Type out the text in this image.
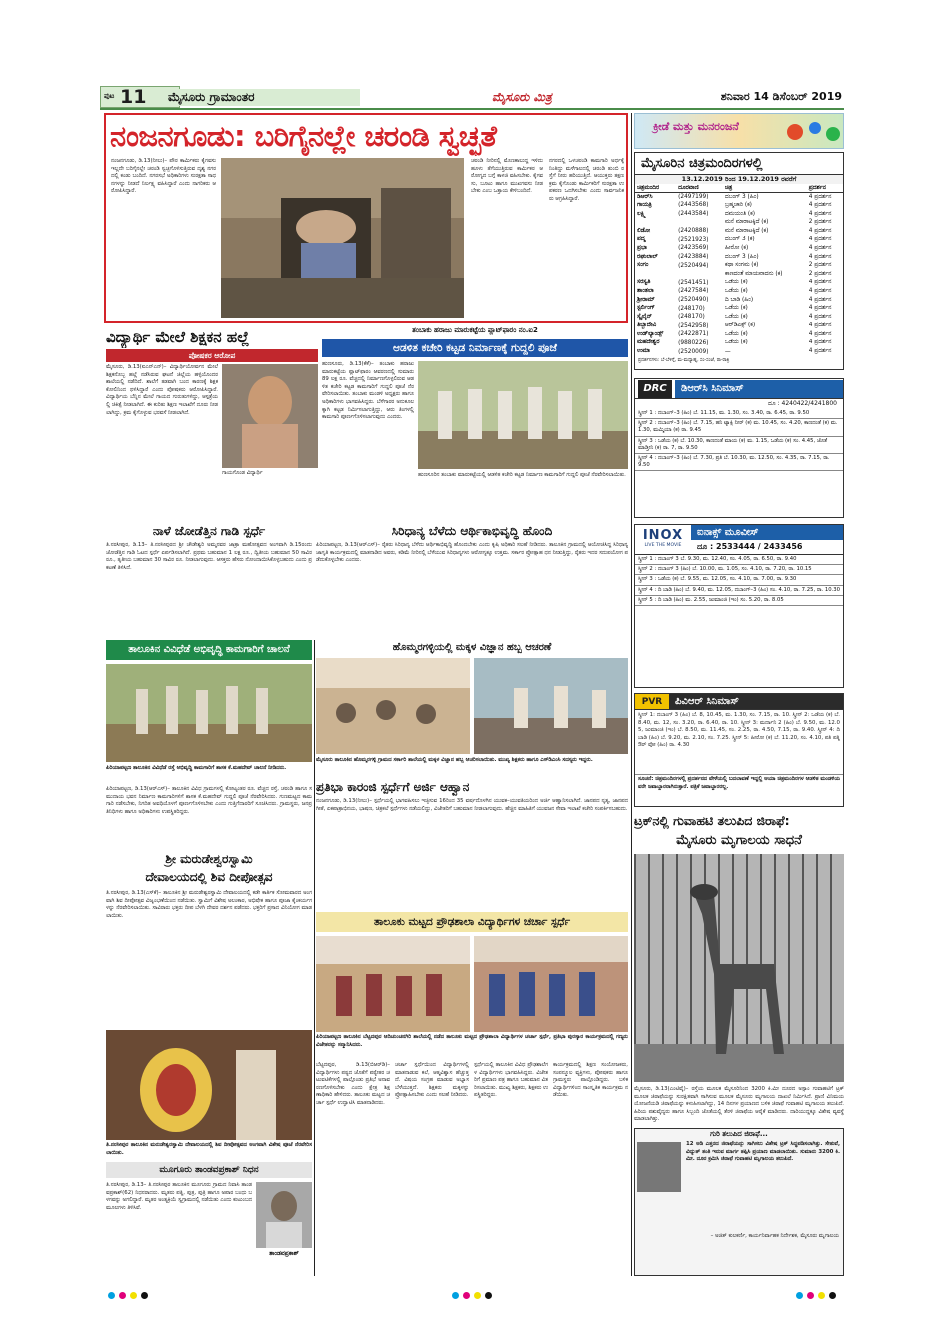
ಪುಟ 11	ಮೈಸೂರು ಗ್ರಾಮಾಂತರ	ಮೈಸೂರು ಮಿತ್ರ	ಶನಿವಾರ 14 ಡಿಸೆಂಬರ್ 2019
ನಂಜನಗೂಡು: ಬರಿಗೈನಲ್ಲೇ ಚರಂಡಿ ಸ್ವಚ್ಛತೆ
ನಂಜನಗೂಡು, ಡಿ.13(ನೀಲು)– ಪೌರ ಕಾರ್ಮಿಕರು ಕೈಗವಸು ಇಲ್ಲದೇ ಬರಿಗೈನಲ್ಲೇ ಚರಂಡಿ ಸ್ವಚ್ಛಗೊಳಿಸುತ್ತಿರುವ ದೃಶ್ಯ ನಗರದಲ್ಲಿ ಕಂಡು ಬಂದಿದೆ. ನಗರಸಭೆ ಅಧಿಕಾರಿಗಳು ಸುರಕ್ಷತಾ ಸಾಧನಗಳನ್ನು ನೀಡದೆ ನಿರ್ಲಕ್ಷ್ಯ ವಹಿಸಿದ್ದಾರೆ ಎಂದು ನಾಗರಿಕರು ಆರೋಪಿಸಿದ್ದಾರೆ.
ಚರಂಡಿ ನೀರಿನಲ್ಲಿ ಮೊಣಕಾಲುದ್ದ ಇಳಿದು ಹೂಳು ತೆಗೆಯುತ್ತಿರುವ ಕಾರ್ಮಿಕರ ಆರೋಗ್ಯದ ಬಗ್ಗೆ ಕಾಳಜಿ ವಹಿಸಬೇಕು. ಕೈಗವಸು, ಬೂಟು ಹಾಗೂ ಮುಖಗವಸು ನೀಡಬೇಕು ಎಂಬ ಒತ್ತಾಯ ಕೇಳಿಬಂದಿದೆ.
ನಗರದಲ್ಲಿ ಒಳಚರಂಡಿ ಕಾಮಗಾರಿ ಅರ್ಧಕ್ಕೆ ನಿಂತಿದ್ದು ಮಳೆಗಾಲದಲ್ಲಿ ಚರಂಡಿ ತುಂಬಿ ರಸ್ತೆಗೆ ನೀರು ಹರಿಯುತ್ತಿದೆ. ಆಯುಕ್ತರು ತಕ್ಷಣ ಕ್ರಮ ಕೈಗೊಂಡು ಕಾರ್ಮಿಕರಿಗೆ ಸುರಕ್ಷತಾ ಉಪಕರಣ ಒದಗಿಸಬೇಕು ಎಂದು ಸಾರ್ವಜನಿಕರು ಆಗ್ರಹಿಸಿದ್ದಾರೆ.
ಕ್ರೀಡೆ ಮತ್ತು ಮನರಂಜನೆ
ಮೈಸೂರಿನ ಚಿತ್ರಮಂದಿರಗಳಲ್ಲಿ
13.12.2019 ರಿಂದ 19.12.2019 ರವರೆಗೆ
ಚಿತ್ರಮಂದಿರ	ದೂರವಾಣಿ	ಚಿತ್ರ	ಪ್ರದರ್ಶನ
ಡಿಆರ್‌ಸಿ	(2497199)	ದಬಂಗ್ 3 (ಹಿಂ)	4 ಪ್ರದರ್ಶನ
ಗಾಯತ್ರಿ	(2443568)	ಬ್ರಹ್ಮಚಾರಿ (ಕ)	4 ಪ್ರದರ್ಶನ
ಲಕ್ಷ್ಮಿ	(2443584)	ದಮಯಂತಿ (ಕ)	4 ಪ್ರದರ್ಶನ
		ಮನೆ ಮಾರಾಟಕ್ಕಿದೆ (ಕ)	2 ಪ್ರದರ್ಶನ
ಲಿಡೋ	(2420888)	ಮನೆ ಮಾರಾಟಕ್ಕಿದೆ (ಕ)	4 ಪ್ರದರ್ಶನ
ಪದ್ಮ	(2521923)	ದಬಂಗ್ 3 (ಕ)	4 ಪ್ರದರ್ಶನ
ಪ್ರಭಾ	(2423569)	ಹೀರೋ (ಕ)	4 ಪ್ರದರ್ಶನ
ರಘುಲಾಲ್	(2423884)	ದಬಂಗ್ 3 (ಹಿಂ)	4 ಪ್ರದರ್ಶನ
ಸಂಗಂ	(2520494)	ಕಥಾ ಸಂಗಮ (ಕ)	2 ಪ್ರದರ್ಶನ
		ಕಾಣದಂತೆ ಮಾಯವಾದನು (ಕ)	2 ಪ್ರದರ್ಶನ
ಸರಸ್ವತಿ	(2541451)	ಒಡೆಯ (ಕ)	4 ಪ್ರದರ್ಶನ
ಶಾಂತಲಾ	(2427584)	ಒಡೆಯ (ಕ)	4 ಪ್ರದರ್ಶನ
ಶ್ರೀರಾಮ್	(2520490)	ದಿ ಬಾಡಿ (ಹಿಂ)	4 ಪ್ರದರ್ಶನ
ಸ್ಟರ್ಲಿಂಗ್	(248170)	ಒಡೆಯ (ಕ)	4 ಪ್ರದರ್ಶನ
ಸ್ಕೈಲೈನ್	(248170)	ಒಡೆಯ (ಕ)	4 ಪ್ರದರ್ಶನ
ತಿಬ್ಬಾದೇವಿ	(2542958)	ಆರ್‌ಡಿಎಕ್ಸ್ (ಕ)	4 ಪ್ರದರ್ಶನ
ಉಡ್‌ಲ್ಯಾಂಡ್ಸ್	(2422871)	ಒಡೆಯ (ಕ)	4 ಪ್ರದರ್ಶನ
ಮಹದೇಶ್ವರ	(9880226)	ಒಡೆಯ (ಕ)	4 ಪ್ರದರ್ಶನ
ಉಮಾ	(2520009)	—	4 ಪ್ರದರ್ಶನ
ಪ್ರದರ್ಶನಗಳು: ಬೆ-ಬೆಳಿಗ್ಗೆ, ಮ-ಮಧ್ಯಾಹ್ನ, ಸಂ-ಸಂಜೆ, ರಾ-ರಾತ್ರಿ
DRC	ಡಿಆರ್‌ಸಿ ಸಿನಿಮಾಸ್
ದೂ : 4240422/4241800
ಸ್ಕ್ರೀನ್ 1 : ದಬಾಂಗ್–3 (ಹಿಂ) ಬೆ. 11.15, ಮ. 1.30, ಸಂ. 3.40, ರಾ. 6.45, ರಾ. 9.50
ಸ್ಕ್ರೀನ್ 2 : ದಬಾಂಗ್–3 (ಹಿಂ) ಬೆ. 7.15, ಹನಿ ಟ್ಯಾಕ್ಸಿ ನೀರ್ (ಕ) ಮ. 10.45, ಸಂ. 4.20, ಕಾಣದಂತೆ (ಕ) ಮ. 1.30, ಮಮ್ಮಿಯಾ (ಕ) ರಾ. 9.45
ಸ್ಕ್ರೀನ್ 3 : ಒಡೆಯ (ಕ) ಬೆ. 10.30, ಕಾಣದಂತೆ ಮಾಯ (ಕ) ಮ. 1.15, ಒಡೆಯ (ಕ) ಸಂ. 4.45, ಜೊತೆ ಮಾಡ್ತೀನಿ (ಕ) ರಾ. 7, ರಾ. 9.50
ಸ್ಕ್ರೀನ್ 4 : ದಬಾಂಗ್–3 (ಹಿಂ) ಬೆ. 7.30, ಪ್ರತಿ ಬೆ. 10.30, ಮ. 12.50, ಸಂ. 4.35, ರಾ. 7.15, ರಾ. 9.50
INOX
LIVE THE MOVIE
ಐನಾಕ್ಸ್ ಮೂವೀಸ್
ದೂ : 2533444 / 2433456
ಸ್ಕ್ರೀನ್ 1 : ದಬಾಂಗ್ 3 ಬೆ. 9.30, ಮ. 12.40, ಸಂ. 4.05, ರಾ. 6.50, ರಾ. 9.40
ಸ್ಕ್ರೀನ್ 2 : ದಬಾಂಗ್ 3 (ಹಿಂ) ಬೆ. 10.00, ಮ. 1.05, ಸಂ. 4.10, ರಾ. 7.20, ರಾ. 10.15
ಸ್ಕ್ರೀನ್ 3 : ಒಡೆಯ (ಕ) ಬೆ. 9.55, ಮ. 12.05, ಸಂ. 4.10, ರಾ. 7.00, ರಾ. 9.30
ಸ್ಕ್ರೀನ್ 4 : ದಿ ಬಾಡಿ (ಹಿಂ) ಬೆ. 9.40, ಮ. 12.05, ದಬಾಂಗ್–3 (ಹಿಂ) ಸಂ. 4.10, ರಾ. 7.25, ರಾ. 10.30
ಸ್ಕ್ರೀನ್ 5 : ದಿ ಬಾಡಿ (ಹಿಂ) ಮ. 2.55, ಜುಮಾಂಜಿ (ಇಂ) ಸಂ. 5.20, ರಾ. 8.05
PVR	ಪಿವಿಆರ್ ಸಿನಿಮಾಸ್
ಸ್ಕ್ರೀನ್ 1: ದಬಾಂಗ್ 3 (ಹಿಂ) ಬೆ. 8, 10.45, ಮ. 1.30, ಸಂ. 7.15, ರಾ. 10. ಸ್ಕ್ರೀನ್ 2: ಒಡೆಯ (ಕ) ಬೆ. 8.40, ಮ. 12, ಸಂ. 3.20, ರಾ. 6.40, ರಾ. 10. ಸ್ಕ್ರೀನ್ 3: ಮರ್ದಾನಿ 2 (ಹಿಂ) ಬೆ. 9.50, ಮ. 12.05, ಜುಮಾಂಜಿ (ಇಂ) ಬೆ. 8.50, ಮ. 11.45, ಸಂ. 2.25, ರಾ. 4.50, 7.15, ರಾ. 9.40. ಸ್ಕ್ರೀನ್ 4: ದಿ ಬಾಡಿ (ಹಿಂ) ಬೆ. 9.20, ಮ. 2.10, ಸಂ. 7.25. ಸ್ಕ್ರೀನ್ 5: ಹೀರೋ (ಕ) ಬೆ. 11.20, ಸಂ. 4.10, ಪತಿ ಪತ್ನಿ ಔರ್ ವೋ (ಹಿಂ) ರಾ. 4.30
ಸೂಚನೆ: ಚಿತ್ರಮಂದಿರಗಳಲ್ಲಿ ಪ್ರದರ್ಶನದ ವೇಳೆಯಲ್ಲಿ ಬದಲಾವಣೆ ಇದ್ದಲ್ಲಿ ಆಯಾ ಚಿತ್ರಮಂದಿರಗಳ ಆಡಳಿತ ಮಂಡಳಿಯವರೇ ಜವಾಬ್ದಾರರಾಗಿರುತ್ತಾರೆ. ಪತ್ರಿಕೆ ಜವಾಬ್ದಾರರಲ್ಲ.
ಟ್ರಕ್‌ನಲ್ಲಿ ಗುವಾಹಟಿ ತಲುಪಿದ ಜಿರಾಫೆ:
ಮೈಸೂರು ಮೃಗಾಲಯ ಸಾಧನೆ
ಮೈಸೂರು, ಡಿ.13(ಎಂಟಿವೈ)– ರಸ್ತೆಯ ಮೂಲಕ ಮೈಸೂರಿನಿಂದ 3200 ಕಿ.ಮೀ ದೂರದ ಅಸ್ಸಾಂ ಗುವಾಹಟಿಗೆ ಟ್ರಕ್ ಮೂಲಕ ಜಿರಾಫೆಯನ್ನು ಸುರಕ್ಷಿತವಾಗಿ ಸಾಗಿಸುವ ಮೂಲಕ ಮೈಸೂರು ಮೃಗಾಲಯ ದಾಖಲೆ ನಿರ್ಮಿಸಿದೆ. ಪ್ರಾಣಿ ವಿನಿಮಯ ಯೋಜನೆಯಡಿ ಜಿರಾಫೆಯನ್ನು ಕಳುಹಿಸಲಾಗಿದ್ದು, 14 ದಿನಗಳ ಪ್ರಯಾಣದ ಬಳಿಕ ಜಿರಾಫೆ ಗುವಾಹಟಿ ಮೃಗಾಲಯ ತಲುಪಿದೆ. ಹಿರಿಯ ಪಶುವೈದ್ಯರು ಹಾಗೂ ಸಿಬ್ಬಂದಿ ಜೊತೆಯಲ್ಲಿ ತೆರಳಿ ಜಿರಾಫೆಯ ಆರೈಕೆ ಮಾಡಿದರು. ದಾರಿಯುದ್ದಕ್ಕೂ ವಿಶೇಷ ವ್ಯವಸ್ಥೆ ಮಾಡಲಾಗಿತ್ತು.
ಗುರಿ ತಲುಪಿದ ಜಿರಾಫೆ...
12 ಅಡಿ ಎತ್ತರದ ಜಿರಾಫೆಯನ್ನು ಸಾಗಿಸಲು ವಿಶೇಷ ಟ್ರಕ್ ಸಿದ್ಧಪಡಿಸಲಾಗಿತ್ತು. ಸೇತುವೆ, ವಿದ್ಯುತ್ ತಂತಿ ಇರುವ ಮಾರ್ಗ ತಪ್ಪಿಸಿ ಪ್ರಯಾಣ ಮಾಡಲಾಯಿತು. ಸುಮಾರು 3200 ಕಿ.ಮೀ. ದೂರ ಕ್ರಮಿಸಿ ಜಿರಾಫೆ ಗುವಾಹಟಿ ಮೃಗಾಲಯ ತಲುಪಿದೆ.
– ಅಜಿತ್ ಕುಲಕರ್ಣಿ, ಕಾರ್ಯನಿರ್ವಾಹಕ ನಿರ್ದೇಶಕ, ಮೈಸೂರು ಮೃಗಾಲಯ
ವಿದ್ಯಾರ್ಥಿ ಮೇಲೆ ಶಿಕ್ಷಕನ ಹಲ್ಲೆ
ಪೋಷಕರ ಆರೋಪ
ಮೈಸೂರು, ಡಿ.13(ಐಎನ್‌ಎನ್)– ವಿದ್ಯಾರ್ಥಿಯೋರ್ವನ ಮೇಲೆ ಶಿಕ್ಷಕನೊಬ್ಬ ಹಲ್ಲೆ ನಡೆಸಿರುವ ಘಟನೆ ಜಿಲ್ಲೆಯ ಹಳ್ಳಿಯೊಂದರ ಶಾಲೆಯಲ್ಲಿ ನಡೆದಿದೆ. ಶಾಲೆಗೆ ತಡವಾಗಿ ಬಂದ ಕಾರಣಕ್ಕೆ ಶಿಕ್ಷಕ ಕೋಲಿನಿಂದ ಥಳಿಸಿದ್ದಾರೆ ಎಂದು ಪೋಷಕರು ಆರೋಪಿಸಿದ್ದಾರೆ. ವಿದ್ಯಾರ್ಥಿಯ ಬೆನ್ನಿನ ಮೇಲೆ ಗಾಯದ ಗುರುತುಗಳಿದ್ದು, ಆಸ್ಪತ್ರೆಯಲ್ಲಿ ಚಿಕಿತ್ಸೆ ನೀಡಲಾಗಿದೆ. ಈ ಕುರಿತು ಶಿಕ್ಷಣ ಇಲಾಖೆಗೆ ದೂರು ನೀಡಲಾಗಿದ್ದು, ಕ್ರಮ ಕೈಗೊಳ್ಳುವ ಭರವಸೆ ನೀಡಲಾಗಿದೆ.
ಗಾಯಗೊಂಡ ವಿದ್ಯಾರ್ಥಿ
ತಂಬಾಕು ಹರಾಜು ಮಾರುಕಟ್ಟೆಯ ಪ್ಲಾಟ್‌ಫಾರಂ ನಂ.ಐ2
ಆಡಳಿತ ಕಚೇರಿ ಕಟ್ಟಡ ನಿರ್ಮಾಣಕ್ಕೆ ಗುದ್ದಲಿ ಪೂಜೆ
ಹುಣಸೂರು, ಡಿ.13(ಕೆಕೆ)– ತಂಬಾಕು ಹರಾಜು ಮಾರುಕಟ್ಟೆಯ ಪ್ಲಾಟ್‌ಫಾರಂ ಆವರಣದಲ್ಲಿ ಸುಮಾರು 89 ಲಕ್ಷ ರೂ. ವೆಚ್ಚದಲ್ಲಿ ನಿರ್ಮಾಣಗೊಳ್ಳಲಿರುವ ಆಡಳಿತ ಕಚೇರಿ ಕಟ್ಟಡ ಕಾಮಗಾರಿಗೆ ಗುದ್ದಲಿ ಪೂಜೆ ನೆರವೇರಿಸಲಾಯಿತು. ತಂಬಾಕು ಮಂಡಳಿ ಅಧ್ಯಕ್ಷರು ಹಾಗೂ ಅಧಿಕಾರಿಗಳು ಭಾಗವಹಿಸಿದ್ದರು. ಬೆಳೆಗಾರರ ಅನುಕೂಲಕ್ಕಾಗಿ ಕಟ್ಟಡ ನಿರ್ಮಿಸಲಾಗುತ್ತಿದ್ದು, ಆರು ತಿಂಗಳಲ್ಲಿ ಕಾಮಗಾರಿ ಪೂರ್ಣಗೊಳಿಸಲಾಗುವುದು ಎಂದರು.
ಹುಣಸೂರಿನ ತಂಬಾಕು ಮಾರುಕಟ್ಟೆಯಲ್ಲಿ ಆಡಳಿತ ಕಚೇರಿ ಕಟ್ಟಡ ನಿರ್ಮಾಣ ಕಾಮಗಾರಿಗೆ ಗುದ್ದಲಿ ಪೂಜೆ ನೆರವೇರಿಸಲಾಯಿತು.
ನಾಳೆ ಜೋಡೆತ್ತಿನ ಗಾಡಿ ಸ್ಪರ್ಧೆ
ತಿ.ನರಸೀಪುರ, ಡಿ.13– ತಿ.ನರಸೀಪುರದ ಶ್ರೀ ಚೌಡೇಶ್ವರಿ ಅಮ್ಮನವರ ಜಾತ್ರಾ ಮಹೋತ್ಸವದ ಅಂಗವಾಗಿ ಡಿ.15ರಂದು ಜೋಡೆತ್ತಿನ ಗಾಡಿ ಓಟದ ಸ್ಪರ್ಧೆ ಏರ್ಪಡಿಸಲಾಗಿದೆ. ಪ್ರಥಮ ಬಹುಮಾನ 1 ಲಕ್ಷ ರೂ., ದ್ವಿತೀಯ ಬಹುಮಾನ 50 ಸಾವಿರ ರೂ., ತೃತೀಯ ಬಹುಮಾನ 30 ಸಾವಿರ ರೂ. ನೀಡಲಾಗುವುದು. ಆಸಕ್ತರು ಹೆಸರು ನೋಂದಾಯಿಸಿಕೊಳ್ಳಬಹುದು ಎಂದು ಪ್ರಕಟಣೆ ತಿಳಿಸಿದೆ.
ಸಿರಿಧಾನ್ಯ ಬೆಳೆದು ಆರ್ಥಿಕಾಭಿವೃದ್ಧಿ ಹೊಂದಿ
ಪಿರಿಯಾಪಟ್ಟಣ, ಡಿ.13(ಆರ್‌ಎಸ್)– ರೈತರು ಸಿರಿಧಾನ್ಯ ಬೆಳೆದು ಆರ್ಥಿಕಾಭಿವೃದ್ಧಿ ಹೊಂದಬೇಕು ಎಂದು ಕೃಷಿ ಅಧಿಕಾರಿ ಸಲಹೆ ನೀಡಿದರು. ತಾಲೂಕಿನ ಗ್ರಾಮದಲ್ಲಿ ಆಯೋಜಿಸಿದ್ದ ಸಿರಿಧಾನ್ಯ ಜಾಗೃತಿ ಕಾರ್ಯಕ್ರಮದಲ್ಲಿ ಮಾತನಾಡಿದ ಅವರು, ಕಡಿಮೆ ನೀರಿನಲ್ಲಿ ಬೆಳೆಯುವ ಸಿರಿಧಾನ್ಯಗಳು ಆರೋಗ್ಯಕ್ಕೂ ಉತ್ತಮ. ಸರ್ಕಾರ ಪ್ರೋತ್ಸಾಹ ಧನ ನೀಡುತ್ತಿದ್ದು, ರೈತರು ಇದರ ಸದುಪಯೋಗ ಪಡೆದುಕೊಳ್ಳಬೇಕು ಎಂದರು.
ತಾಲೂಕಿನ ವಿವಿಧೆಡೆ ಅಭಿವೃದ್ಧಿ ಕಾಮಗಾರಿಗೆ ಚಾಲನೆ
ಪಿರಿಯಾಪಟ್ಟಣ ತಾಲೂಕಿನ ವಿವಿಧೆಡೆ ರಸ್ತೆ ಅಭಿವೃದ್ಧಿ ಕಾಮಗಾರಿಗೆ ಶಾಸಕ ಕೆ.ಮಹದೇವ್ ಚಾಲನೆ ನೀಡಿದರು.
ಪಿರಿಯಾಪಟ್ಟಣ, ಡಿ.13(ಆರ್‌ಎಸ್)– ತಾಲೂಕಿನ ವಿವಿಧ ಗ್ರಾಮಗಳಲ್ಲಿ ಕೋಟ್ಯಂತರ ರೂ. ವೆಚ್ಚದ ರಸ್ತೆ, ಚರಂಡಿ ಹಾಗೂ ಸಮುದಾಯ ಭವನ ನಿರ್ಮಾಣ ಕಾಮಗಾರಿಗಳಿಗೆ ಶಾಸಕ ಕೆ.ಮಹದೇವ್ ಗುದ್ದಲಿ ಪೂಜೆ ನೆರವೇರಿಸಿದರು. ಗುಣಮಟ್ಟದ ಕಾಮಗಾರಿ ನಡೆಸಬೇಕು, ನಿಗದಿತ ಅವಧಿಯೊಳಗೆ ಪೂರ್ಣಗೊಳಿಸಬೇಕು ಎಂದು ಗುತ್ತಿಗೆದಾರರಿಗೆ ಸೂಚಿಸಿದರು. ಗ್ರಾಮಸ್ಥರು, ಜನಪ್ರತಿನಿಧಿಗಳು ಹಾಗೂ ಅಧಿಕಾರಿಗಳು ಉಪಸ್ಥಿತರಿದ್ದರು.
ಹೊಮ್ಮರಗಳ್ಳಿಯಲ್ಲಿ ಮಕ್ಕಳ ವಿಜ್ಞಾನ ಹಬ್ಬ ಆಚರಣೆ
ಮೈಸೂರು ತಾಲೂಕಿನ ಹೊಮ್ಮರಗಳ್ಳಿ ಗ್ರಾಮದ ಸರ್ಕಾರಿ ಶಾಲೆಯಲ್ಲಿ ಮಕ್ಕಳ ವಿಜ್ಞಾನ ಹಬ್ಬ ಆಚರಿಸಲಾಯಿತು. ಮುಖ್ಯ ಶಿಕ್ಷಕರು ಹಾಗೂ ಎಸ್‌ಡಿಎಂಸಿ ಸದಸ್ಯರು ಇದ್ದರು.
ಪ್ರತಿಭಾ ಕಾರಂಜಿ ಸ್ಪರ್ಧೆಗೆ ಅರ್ಜಿ ಆಹ್ವಾನ
ನಂಜನಗೂಡು, ಡಿ.13(ನೀಲು)– ಸ್ಪರ್ಧೆಯಲ್ಲಿ ಭಾಗವಹಿಸಲು ಇಚ್ಛಿಸುವ 16ರಿಂದ 35 ವರ್ಷದೊಳಗಿನ ಯುವಕ–ಯುವತಿಯರಿಂದ ಅರ್ಜಿ ಆಹ್ವಾನಿಸಲಾಗಿದೆ. ಜಾನಪದ ನೃತ್ಯ, ಜಾನಪದ ಗೀತೆ, ಏಕಪಾತ್ರಾಭಿನಯ, ಭಾಷಣ, ಚಿತ್ರಕಲೆ ಸ್ಪರ್ಧೆಗಳು ನಡೆಯಲಿದ್ದು, ವಿಜೇತರಿಗೆ ಬಹುಮಾನ ನೀಡಲಾಗುವುದು. ಹೆಚ್ಚಿನ ಮಾಹಿತಿಗೆ ಯುವಜನ ಸೇವಾ ಇಲಾಖೆ ಕಚೇರಿ ಸಂಪರ್ಕಿಸಬಹುದು.
ಶ್ರೀ ಮರುಡೇಶ್ವರಸ್ವಾಮಿ
ದೇವಾಲಯದಲ್ಲಿ ಶಿವ ದೀಪೋತ್ಸವ
ತಿ.ನರಸೀಪುರ, ಡಿ.13(ಎಸ್‌ಕೆ)– ತಾಲೂಕಿನ ಶ್ರೀ ಮರುಡೇಶ್ವರಸ್ವಾಮಿ ದೇವಾಲಯದಲ್ಲಿ ಕಡೇ ಕಾರ್ತಿಕ ಸೋಮವಾರದ ಅಂಗವಾಗಿ ಶಿವ ದೀಪೋತ್ಸವ ವಿಜೃಂಭಣೆಯಿಂದ ನಡೆಯಿತು. ಸ್ವಾಮಿಗೆ ವಿಶೇಷ ಅಲಂಕಾರ, ಅಭಿಷೇಕ ಹಾಗೂ ಪೂಜಾ ಕೈಂಕರ್ಯಗಳನ್ನು ನೆರವೇರಿಸಲಾಯಿತು. ಸಾವಿರಾರು ಭಕ್ತರು ದೀಪ ಬೆಳಗಿ ದೇವರ ದರ್ಶನ ಪಡೆದರು. ಭಕ್ತರಿಗೆ ಪ್ರಸಾದ ವಿನಿಯೋಗ ಮಾಡಲಾಯಿತು.
ತಿ.ನರಸೀಪುರ ತಾಲೂಕಿನ ಮರುಡೇಶ್ವರಸ್ವಾಮಿ ದೇವಾಲಯದಲ್ಲಿ ಶಿವ ದೀಪೋತ್ಸವದ ಅಂಗವಾಗಿ ವಿಶೇಷ ಪೂಜೆ ನೆರವೇರಿಸಲಾಯಿತು.
ತಾಲೂಕು ಮಟ್ಟದ ಪ್ರೌಢಶಾಲಾ ವಿದ್ಯಾರ್ಥಿಗಳ ಚರ್ಚಾ ಸ್ಪರ್ಧೆ
ಪಿರಿಯಾಪಟ್ಟಣ ತಾಲೂಕಿನ ಬೆಟ್ಟದಪುರ ಆದಿಚುಂಚನಗಿರಿ ಶಾಲೆಯಲ್ಲಿ ನಡೆದ ತಾಲೂಕು ಮಟ್ಟದ ಪ್ರೌಢಶಾಲಾ ವಿದ್ಯಾರ್ಥಿಗಳ ಚರ್ಚಾ ಸ್ಪರ್ಧೆ, ಪ್ರತಿಭಾ ಪುರಸ್ಕಾರ ಕಾರ್ಯಕ್ರಮದಲ್ಲಿ ಗಣ್ಯರು ವಿಜೇತರನ್ನು ಸನ್ಮಾನಿಸಿದರು.
ಬೆಟ್ಟದಪುರ, ಡಿ.13(ಬಿಆರ್‌ಡಿ)– ವಿದ್ಯಾರ್ಥಿಗಳು ಪಠ್ಯದ ಜೊತೆಗೆ ಪಠ್ಯೇತರ ಚಟುವಟಿಕೆಗಳಲ್ಲಿ ಪಾಲ್ಗೊಂಡು ಪ್ರತಿಭೆ ಅನಾವರಣಗೊಳಿಸಬೇಕು ಎಂದು ಕ್ಷೇತ್ರ ಶಿಕ್ಷಣಾಧಿಕಾರಿ ಹೇಳಿದರು. ತಾಲೂಕು ಮಟ್ಟದ ಚರ್ಚಾ ಸ್ಪರ್ಧೆ ಉದ್ಘಾಟಿಸಿ ಮಾತನಾಡಿದರು.
ಚರ್ಚಾ ಸ್ಪರ್ಧೆಯಿಂದ ವಿದ್ಯಾರ್ಥಿಗಳಲ್ಲಿ ಮಾತನಾಡುವ ಕಲೆ, ಆತ್ಮವಿಶ್ವಾಸ ಹೆಚ್ಚುತ್ತದೆ. ವಿಷಯ ಸಂಗ್ರಹ ಮಾಡುವ ಅಭ್ಯಾಸ ಬೆಳೆಯುತ್ತದೆ. ಶಿಕ್ಷಕರು ಮಕ್ಕಳನ್ನು ಪ್ರೋತ್ಸಾಹಿಸಬೇಕು ಎಂದು ಸಲಹೆ ನೀಡಿದರು.
ಸ್ಪರ್ಧೆಯಲ್ಲಿ ತಾಲೂಕಿನ ವಿವಿಧ ಪ್ರೌಢಶಾಲೆಗಳ ವಿದ್ಯಾರ್ಥಿಗಳು ಭಾಗವಹಿಸಿದ್ದರು. ವಿಜೇತರಿಗೆ ಪ್ರಮಾಣ ಪತ್ರ ಹಾಗೂ ಬಹುಮಾನ ವಿತರಿಸಲಾಯಿತು. ಮುಖ್ಯ ಶಿಕ್ಷಕರು, ಶಿಕ್ಷಕರು ಉಪಸ್ಥಿತರಿದ್ದರು.
ಕಾರ್ಯಕ್ರಮದಲ್ಲಿ ಶಿಕ್ಷಣ ಸಂಯೋಜಕರು, ಸಂಪನ್ಮೂಲ ವ್ಯಕ್ತಿಗಳು, ಪೋಷಕರು ಹಾಗೂ ಗ್ರಾಮಸ್ಥರು ಪಾಲ್ಗೊಂಡಿದ್ದರು. ಬಳಿಕ ವಿದ್ಯಾರ್ಥಿಗಳಿಂದ ಸಾಂಸ್ಕೃತಿಕ ಕಾರ್ಯಕ್ರಮ ನಡೆಯಿತು.
ಮೂಗೂರು ತಾಂಡವಪ್ರಕಾಶ್ ನಿಧನ
ತಿ.ನರಸೀಪುರ, ಡಿ.13– ತಿ.ನರಸೀಪುರ ತಾಲೂಕಿನ ಮೂಗೂರು ಗ್ರಾಮದ ನಿವಾಸಿ ತಾಂಡವಪ್ರಕಾಶ್(62) ನಿಧನರಾದರು. ಮೃತರು ಪತ್ನಿ, ಪುತ್ರ, ಪುತ್ರಿ ಹಾಗೂ ಅಪಾರ ಬಂಧು ಬಳಗವನ್ನು ಅಗಲಿದ್ದಾರೆ. ಮೃತರ ಅಂತ್ಯಕ್ರಿಯೆ ಸ್ವಗ್ರಾಮದಲ್ಲಿ ನಡೆಯಿತು ಎಂದು ಕುಟುಂಬದ ಮೂಲಗಳು ತಿಳಿಸಿವೆ.
ತಾಂಡವಪ್ರಕಾಶ್
